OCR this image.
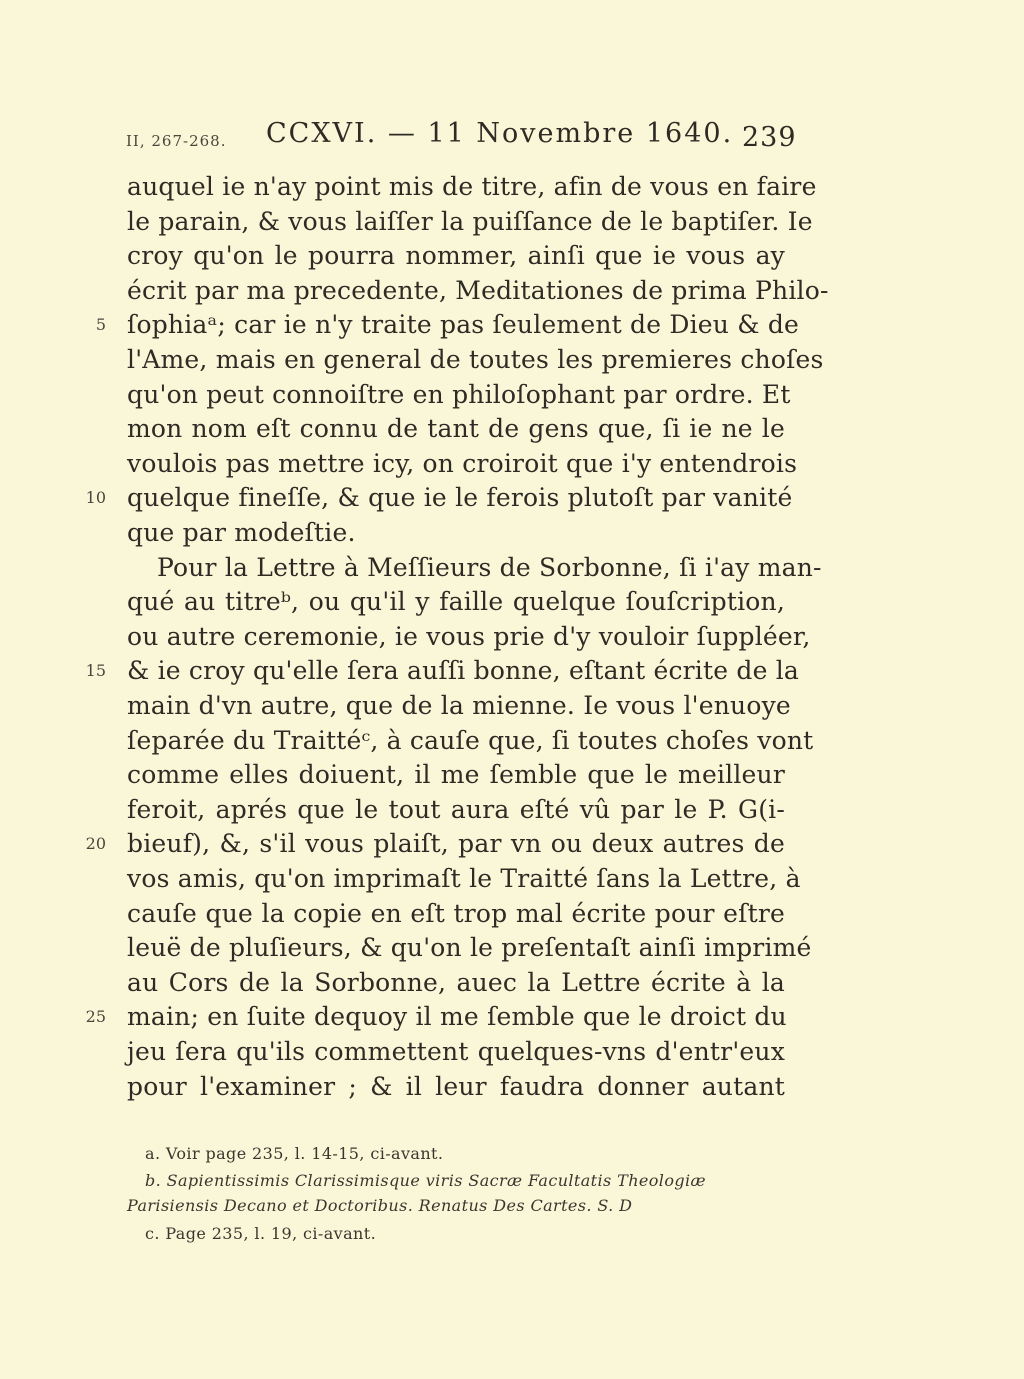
II, 267-268. CCXVI. — 11 Novembre 1640. 239
auquel ie n'ay point mis de titre, afin de vous en faire
le parain, & vous laiſſer la puiſſance de le baptiſer. Ie
croy qu'on le pourra nommer, ainſi que ie vous ay
écrit par ma precedente, Meditationes de prima Philo-
5 ſophiaᵃ; car ie n'y traite pas ſeulement de Dieu & de
l'Ame, mais en general de toutes les premieres choſes
qu'on peut connoiſtre en philoſophant par ordre. Et
mon nom eſt connu de tant de gens que, ſi ie ne le
voulois pas mettre icy, on croiroit que i'y entendrois
10 quelque fineſſe, & que ie le ferois plutoſt par vanité
que par modeſtie.
Pour la Lettre à Meſſieurs de Sorbonne, ſi i'ay man-
qué au titreᵇ, ou qu'il y faille quelque ſouſcription,
ou autre ceremonie, ie vous prie d'y vouloir ſuppléer,
15 & ie croy qu'elle ſera auſſi bonne, eſtant écrite de la
main d'vn autre, que de la mienne. Ie vous l'enuoye
ſeparée du Traittéᶜ, à cauſe que, ſi toutes choſes vont
comme elles doiuent, il me ſemble que le meilleur
feroit, aprés que le tout aura eſté vû par le P. G(i-
20 bieuf), &, s'il vous plaiſt, par vn ou deux autres de
vos amis, qu'on imprimaſt le Traitté ſans la Lettre, à
cauſe que la copie en eſt trop mal écrite pour eſtre
leuë de pluſieurs, & qu'on le preſentaſt ainſi imprimé
au Cors de la Sorbonne, auec la Lettre écrite à la
25 main; en ſuite dequoy il me ſemble que le droict du
jeu ſera qu'ils commettent quelques-vns d'entr'eux
pour l'examiner ; & il leur faudra donner autant
a. Voir page 235, l. 14-15, ci-avant.
b. Sapientissimis Clarissimisque viris Sacræ Facultatis Theologiæ
Parisiensis Decano et Doctoribus. Renatus Des Cartes. S. D
c. Page 235, l. 19, ci-avant.
